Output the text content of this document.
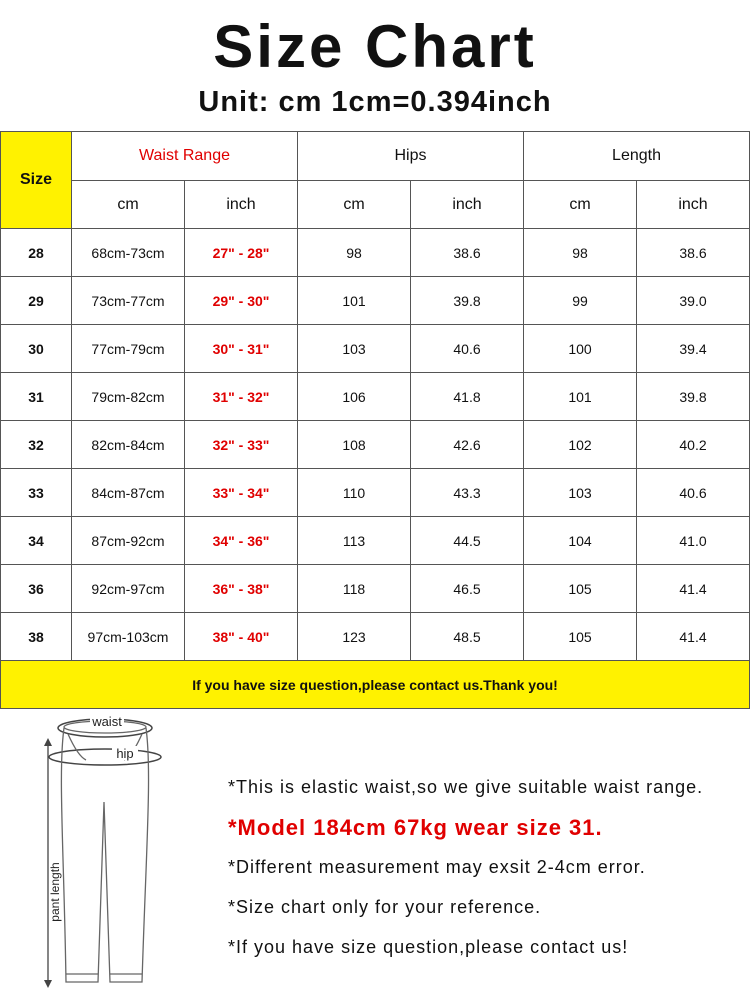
Size Chart
Unit: cm 1cm=0.394inch
Size	Waist Range		Hips		Length	
	cm	inch	cm	inch	cm	inch
28	68cm-73cm	27" - 28"	98	38.6	98	38.6
29	73cm-77cm	29" - 30"	101	39.8	99	39.0
30	77cm-79cm	30" - 31"	103	40.6	100	39.4
31	79cm-82cm	31" - 32"	106	41.8	101	39.8
32	82cm-84cm	32" - 33"	108	42.6	102	40.2
33	84cm-87cm	33" - 34"	110	43.3	103	40.6
34	87cm-92cm	34" - 36"	113	44.5	104	41.0
36	92cm-97cm	36" - 38"	118	46.5	105	41.4
38	97cm-103cm	38" - 40"	123	48.5	105	41.4
If you have size question,please contact us.Thank you!						
waist
hip
pant length
*This is elastic waist,so we give suitable waist range.
*Model 184cm 67kg wear size 31.
*Different measurement may exsit 2-4cm error.
*Size chart only for your reference.
*If you have size question,please contact us!
